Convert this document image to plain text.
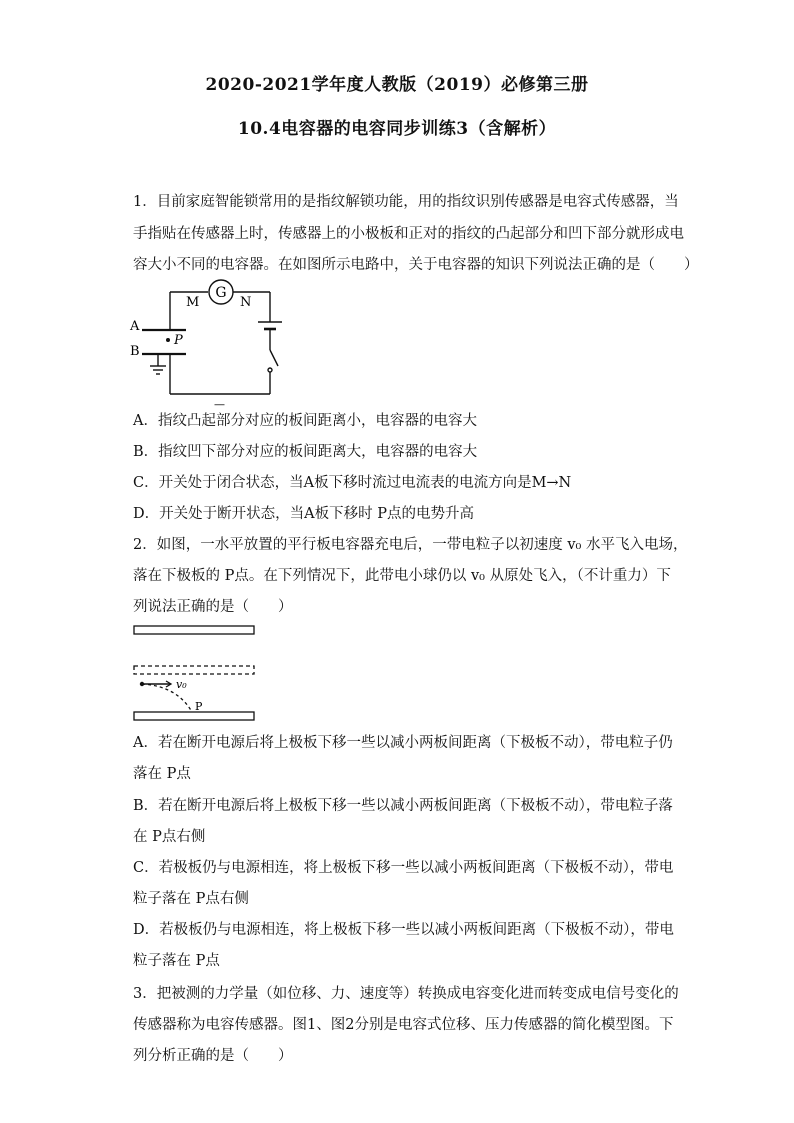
2020-2021学年度人教版（2019）必修第三册
10.4电容器的电容同步训练3（含解析）
1．目前家庭智能锁常用的是指纹解锁功能，用的指纹识别传感器是电容式传感器，当
手指贴在传感器上时，传感器上的小极板和正对的指纹的凸起部分和凹下部分就形成电
容大小不同的电容器。在如图所示电路中，关于电容器的知识下列说法正确的是（　　）
G
M	N
A
B
P
—
A．指纹凸起部分对应的板间距离小，电容器的电容大
B．指纹凹下部分对应的板间距离大，电容器的电容大
C．开关处于闭合状态，当A板下移时流过电流表的电流方向是M→N
D．开关处于断开状态，当A板下移时 P点的电势升高
2．如图，一水平放置的平行板电容器充电后，一带电粒子以初速度 v₀ 水平飞入电场，
落在下极板的 P点。在下列情况下，此带电小球仍以 v₀ 从原处飞入，（不计重力）下
列说法正确的是（　　）
v₀
P
A．若在断开电源后将上极板下移一些以减小两板间距离（下极板不动），带电粒子仍
落在 P点
B．若在断开电源后将上极板下移一些以减小两板间距离（下极板不动），带电粒子落
在 P点右侧
C．若极板仍与电源相连，将上极板下移一些以减小两板间距离（下极板不动），带电
粒子落在 P点右侧
D．若极板仍与电源相连，将上极板下移一些以减小两板间距离（下极板不动），带电
粒子落在 P点
3．把被测的力学量（如位移、力、速度等）转换成电容变化进而转变成电信号变化的
传感器称为电容传感器。图1、图2分别是电容式位移、压力传感器的简化模型图。下
列分析正确的是（　　）
